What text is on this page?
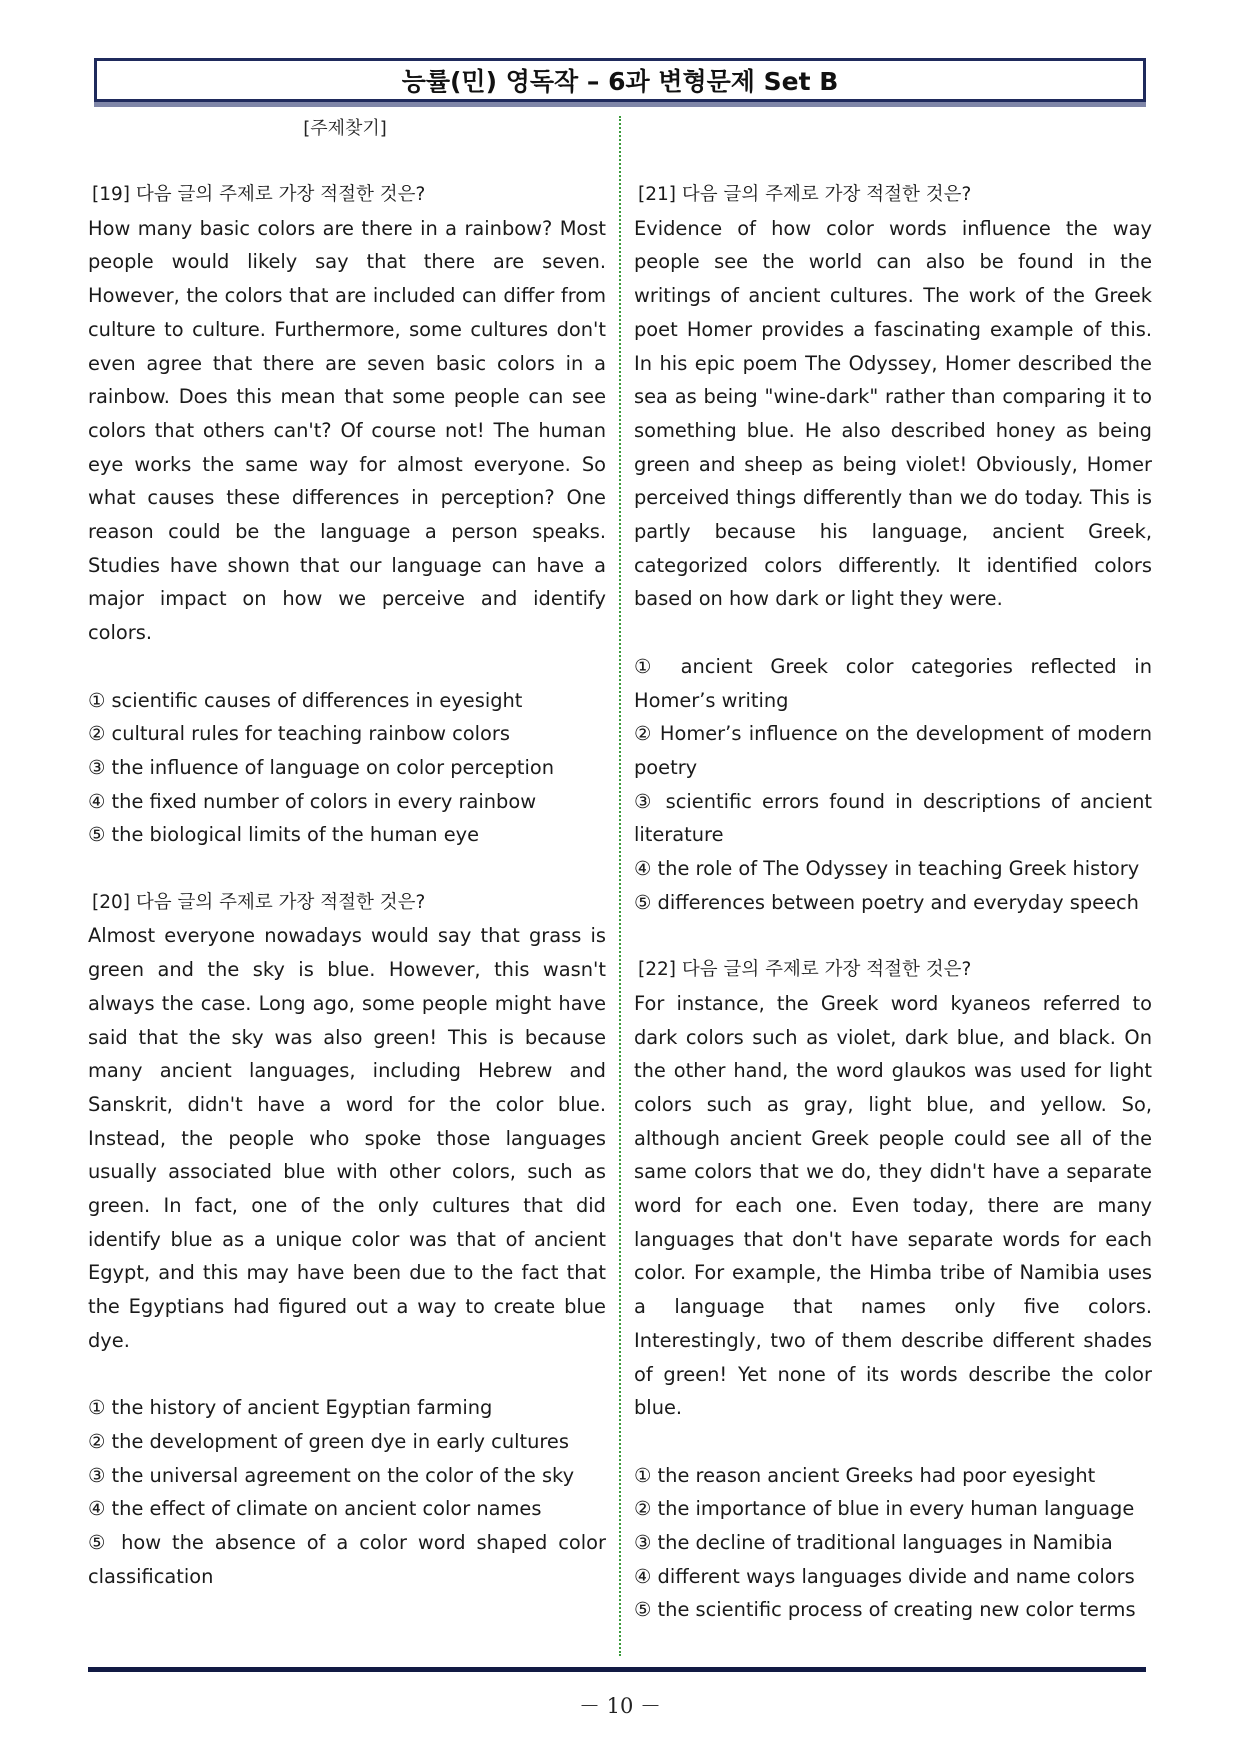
능률(민) 영독작 – 6과 변형문제 Set B
[주제찾기]

[19] 다음 글의 주제로 가장 적절한 것은?

How many basic colors are there in a rainbow? Most people would likely say that there are seven. However, the colors that are included can differ from culture to culture. Furthermore, some cultures don't even agree that there are seven basic colors in a rainbow. Does this mean that some people can see colors that others can't? Of course not! The human eye works the same way for almost everyone. So what causes these differences in perception? One reason could be the language a person speaks. Studies have shown that our language can have a major impact on how we perceive and identify colors.

① scientific causes of differences in eyesight
② cultural rules for teaching rainbow colors
③ the influence of language on color perception
④ the fixed number of colors in every rainbow
⑤ the biological limits of the human eye

[20] 다음 글의 주제로 가장 적절한 것은?

Almost everyone nowadays would say that grass is green and the sky is blue. However, this wasn't always the case. Long ago, some people might have said that the sky was also green! This is because many ancient languages, including Hebrew and Sanskrit, didn't have a word for the color blue. Instead, the people who spoke those languages usually associated blue with other colors, such as green. In fact, one of the only cultures that did identify blue as a unique color was that of ancient Egypt, and this may have been due to the fact that the Egyptians had figured out a way to create blue dye.

① the history of ancient Egyptian farming
② the development of green dye in early cultures
③ the universal agreement on the color of the sky
④ the effect of climate on ancient color names
⑤ how the absence of a color word shaped color classification

[21] 다음 글의 주제로 가장 적절한 것은?

Evidence of how color words influence the way people see the world can also be found in the writings of ancient cultures. The work of the Greek poet Homer provides a fascinating example of this. In his epic poem The Odyssey, Homer described the sea as being "wine-dark" rather than comparing it to something blue. He also described honey as being green and sheep as being violet! Obviously, Homer perceived things differently than we do today. This is partly because his language, ancient Greek, categorized colors differently. It identified colors based on how dark or light they were.

① ancient Greek color categories reflected in Homer’s writing
② Homer’s influence on the development of modern poetry
③ scientific errors found in descriptions of ancient literature
④ the role of The Odyssey in teaching Greek history
⑤ differences between poetry and everyday speech

[22] 다음 글의 주제로 가장 적절한 것은?

For instance, the Greek word kyaneos referred to dark colors such as violet, dark blue, and black. On the other hand, the word glaukos was used for light colors such as gray, light blue, and yellow. So, although ancient Greek people could see all of the same colors that we do, they didn't have a separate word for each one. Even today, there are many languages that don't have separate words for each color. For example, the Himba tribe of Namibia uses a language that names only five colors. Interestingly, two of them describe different shades of green! Yet none of its words describe the color blue.

① the reason ancient Greeks had poor eyesight
② the importance of blue in every human language
③ the decline of traditional languages in Namibia
④ different ways languages divide and name colors
⑤ the scientific process of creating new color terms
－ 10 －
